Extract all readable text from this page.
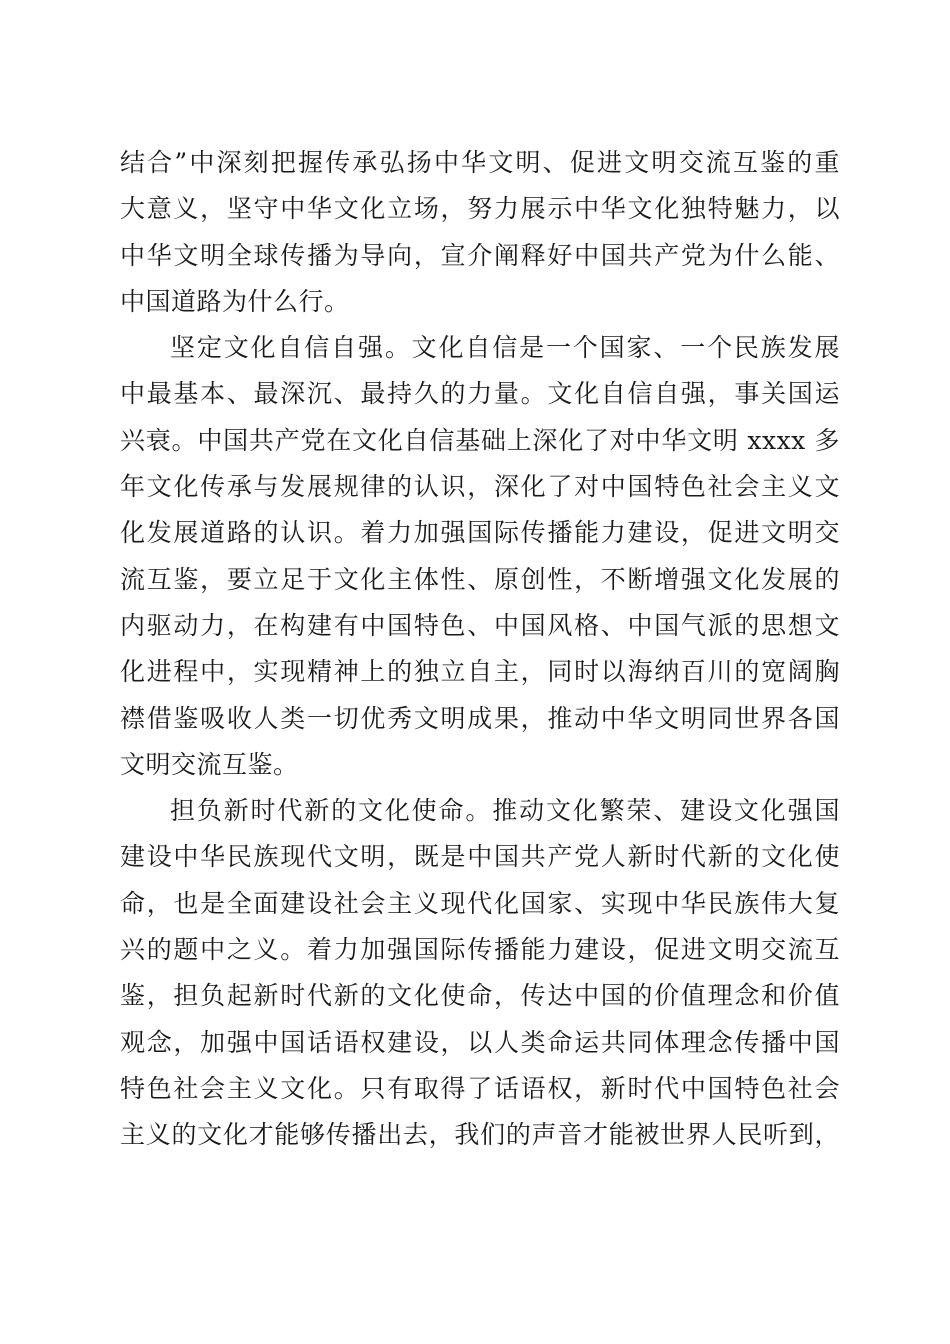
结合”中深刻把握传承弘扬中华文明、促进文明交流互鉴的重
大意义，坚守中华文化立场，努力展示中华文化独特魅力，以
中华文明全球传播为导向，宣介阐释好中国共产党为什么能、
中国道路为什么行。
坚定文化自信自强。文化自信是一个国家、一个民族发展
中最基本、最深沉、最持久的力量。文化自信自强，事关国运
兴衰。中国共产党在文化自信基础上深化了对中华文明 xxxx 多
年文化传承与发展规律的认识，深化了对中国特色社会主义文
化发展道路的认识。着力加强国际传播能力建设，促进文明交
流互鉴，要立足于文化主体性、原创性，不断增强文化发展的
内驱动力，在构建有中国特色、中国风格、中国气派的思想文
化进程中，实现精神上的独立自主，同时以海纳百川的宽阔胸
襟借鉴吸收人类一切优秀文明成果，推动中华文明同世界各国
文明交流互鉴。
担负新时代新的文化使命。推动文化繁荣、建设文化强国
建设中华民族现代文明，既是中国共产党人新时代新的文化使
命，也是全面建设社会主义现代化国家、实现中华民族伟大复
兴的题中之义。着力加强国际传播能力建设，促进文明交流互
鉴，担负起新时代新的文化使命，传达中国的价值理念和价值
观念，加强中国话语权建设，以人类命运共同体理念传播中国
特色社会主义文化。只有取得了话语权，新时代中国特色社会
主义的文化才能够传播出去，我们的声音才能被世界人民听到，
